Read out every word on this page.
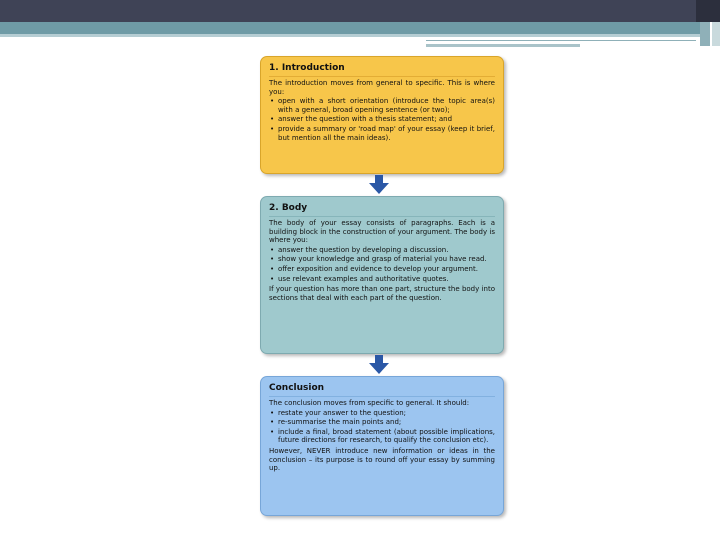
1. Introduction

The introduction moves from general to specific. This is where you:

• open with a short orientation (introduce the topic area(s) with a general, broad opening sentence (or two);
• answer the question with a thesis statement; and
• provide a summary or 'road map' of your essay (keep it brief, but mention all the main ideas).
2. Body

The body of your essay consists of paragraphs. Each is a building block in the construction of your argument. The body is where you:

• answer the question by developing a discussion.
• show your knowledge and grasp of material you have read.
• offer exposition and evidence to develop your argument.
• use relevant examples and authoritative quotes.

If your question has more than one part, structure the body into sections that deal with each part of the question.

Conclusion

The conclusion moves from specific to general. It should:

• restate your answer to the question;
• re-summarise the main points and;
• include a final, broad statement (about possible implications, future directions for research, to qualify the conclusion etc).

However, NEVER introduce new information or ideas in the conclusion – its purpose is to round off your essay by summing up.
